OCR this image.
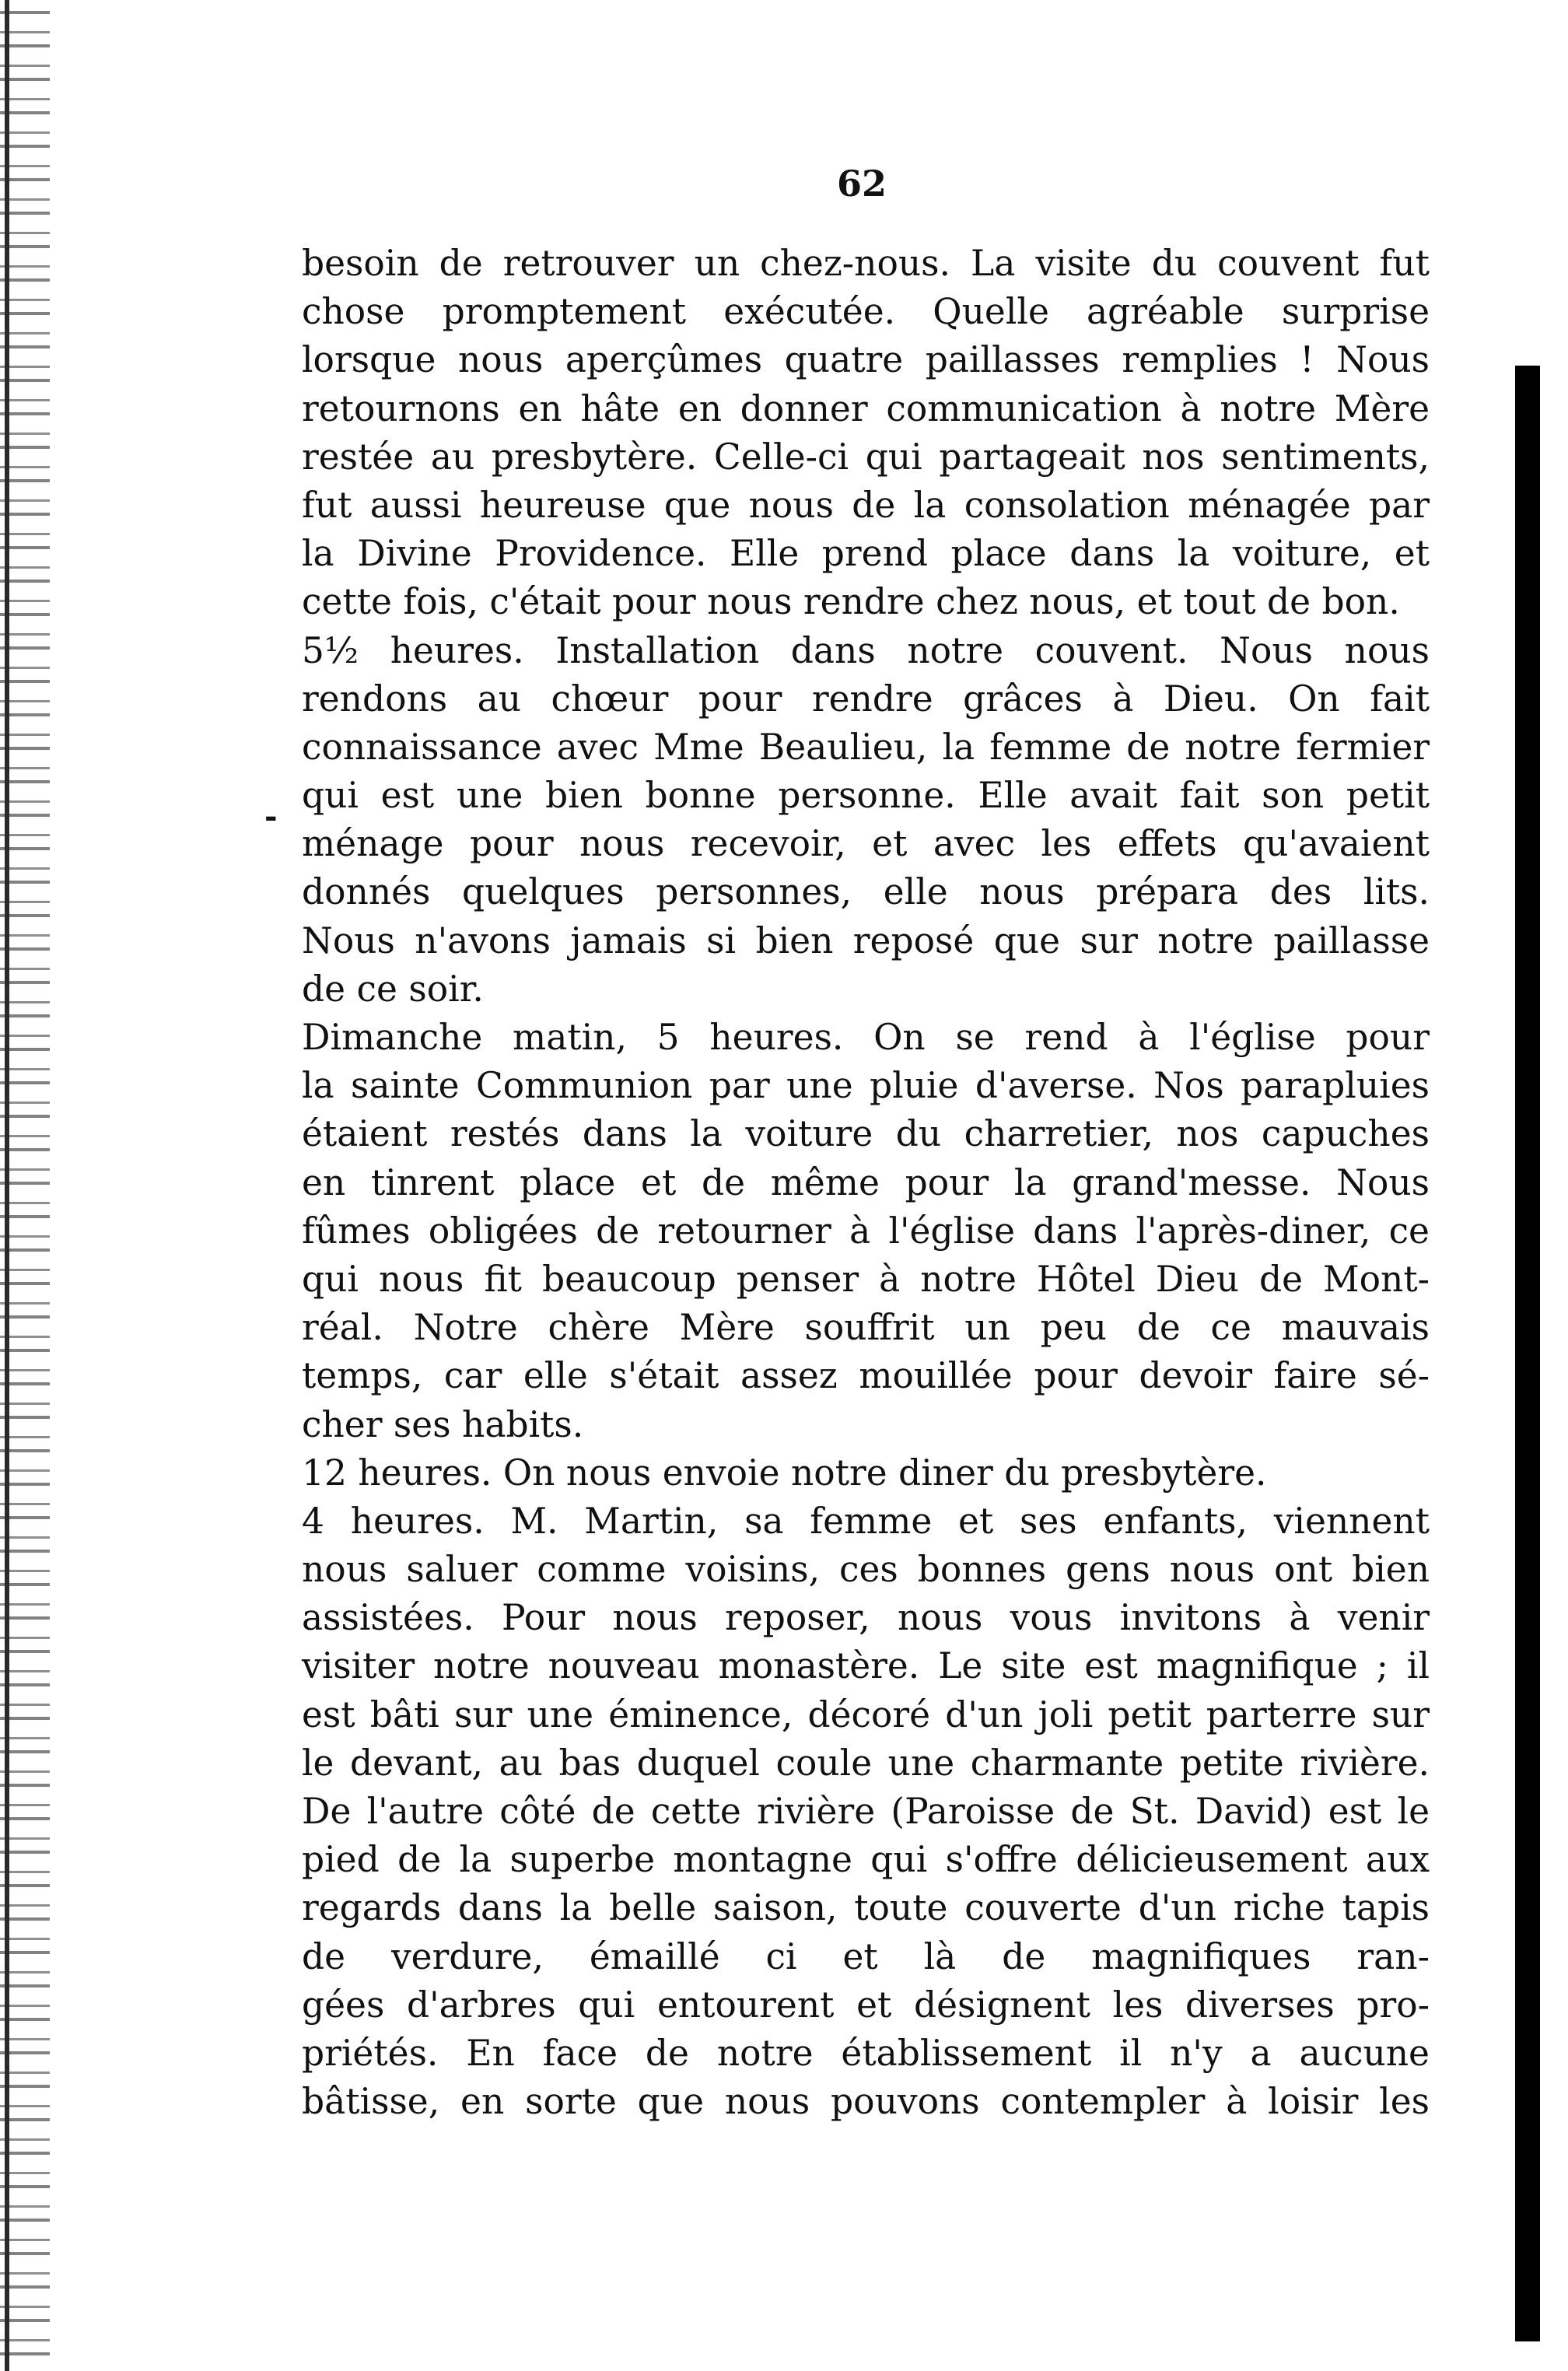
‑
62
besoin de retrouver un chez-nous. La visite du couvent fut
chose promptement exécutée. Quelle agréable surprise
lorsque nous aperçûmes quatre paillasses remplies ! Nous
retournons en hâte en donner communication à notre Mère
restée au presbytère. Celle-ci qui partageait nos sentiments,
fut aussi heureuse que nous de la consolation ménagée par
la Divine Providence. Elle prend place dans la voiture, et
cette fois, c'était pour nous rendre chez nous, et tout de bon.
5½ heures. Installation dans notre couvent. Nous nous
rendons au chœur pour rendre grâces à Dieu. On fait
connaissance avec Mme Beaulieu, la femme de notre fermier
qui est une bien bonne personne. Elle avait fait son petit
ménage pour nous recevoir, et avec les effets qu'avaient
donnés quelques personnes, elle nous prépara des lits.
Nous n'avons jamais si bien reposé que sur notre paillasse
de ce soir.
Dimanche matin, 5 heures. On se rend à l'église pour
la sainte Communion par une pluie d'averse. Nos parapluies
étaient restés dans la voiture du charretier, nos capuches
en tinrent place et de même pour la grand'messe. Nous
fûmes obligées de retourner à l'église dans l'après-diner, ce
qui nous fit beaucoup penser à notre Hôtel Dieu de Mont-
réal. Notre chère Mère souffrit un peu de ce mauvais
temps, car elle s'était assez mouillée pour devoir faire sé-
cher ses habits.
12 heures. On nous envoie notre diner du presbytère.
4 heures. M. Martin, sa femme et ses enfants, viennent
nous saluer comme voisins, ces bonnes gens nous ont bien
assistées. Pour nous reposer, nous vous invitons à venir
visiter notre nouveau monastère. Le site est magnifique ; il
est bâti sur une éminence, décoré d'un joli petit parterre sur
le devant, au bas duquel coule une charmante petite rivière.
De l'autre côté de cette rivière (Paroisse de St. David) est le
pied de la superbe montagne qui s'offre délicieusement aux
regards dans la belle saison, toute couverte d'un riche tapis
de verdure, émaillé ci et là de magnifiques ran-
gées d'arbres qui entourent et désignent les diverses pro-
priétés. En face de notre établissement il n'y a aucune
bâtisse, en sorte que nous pouvons contempler à loisir les
